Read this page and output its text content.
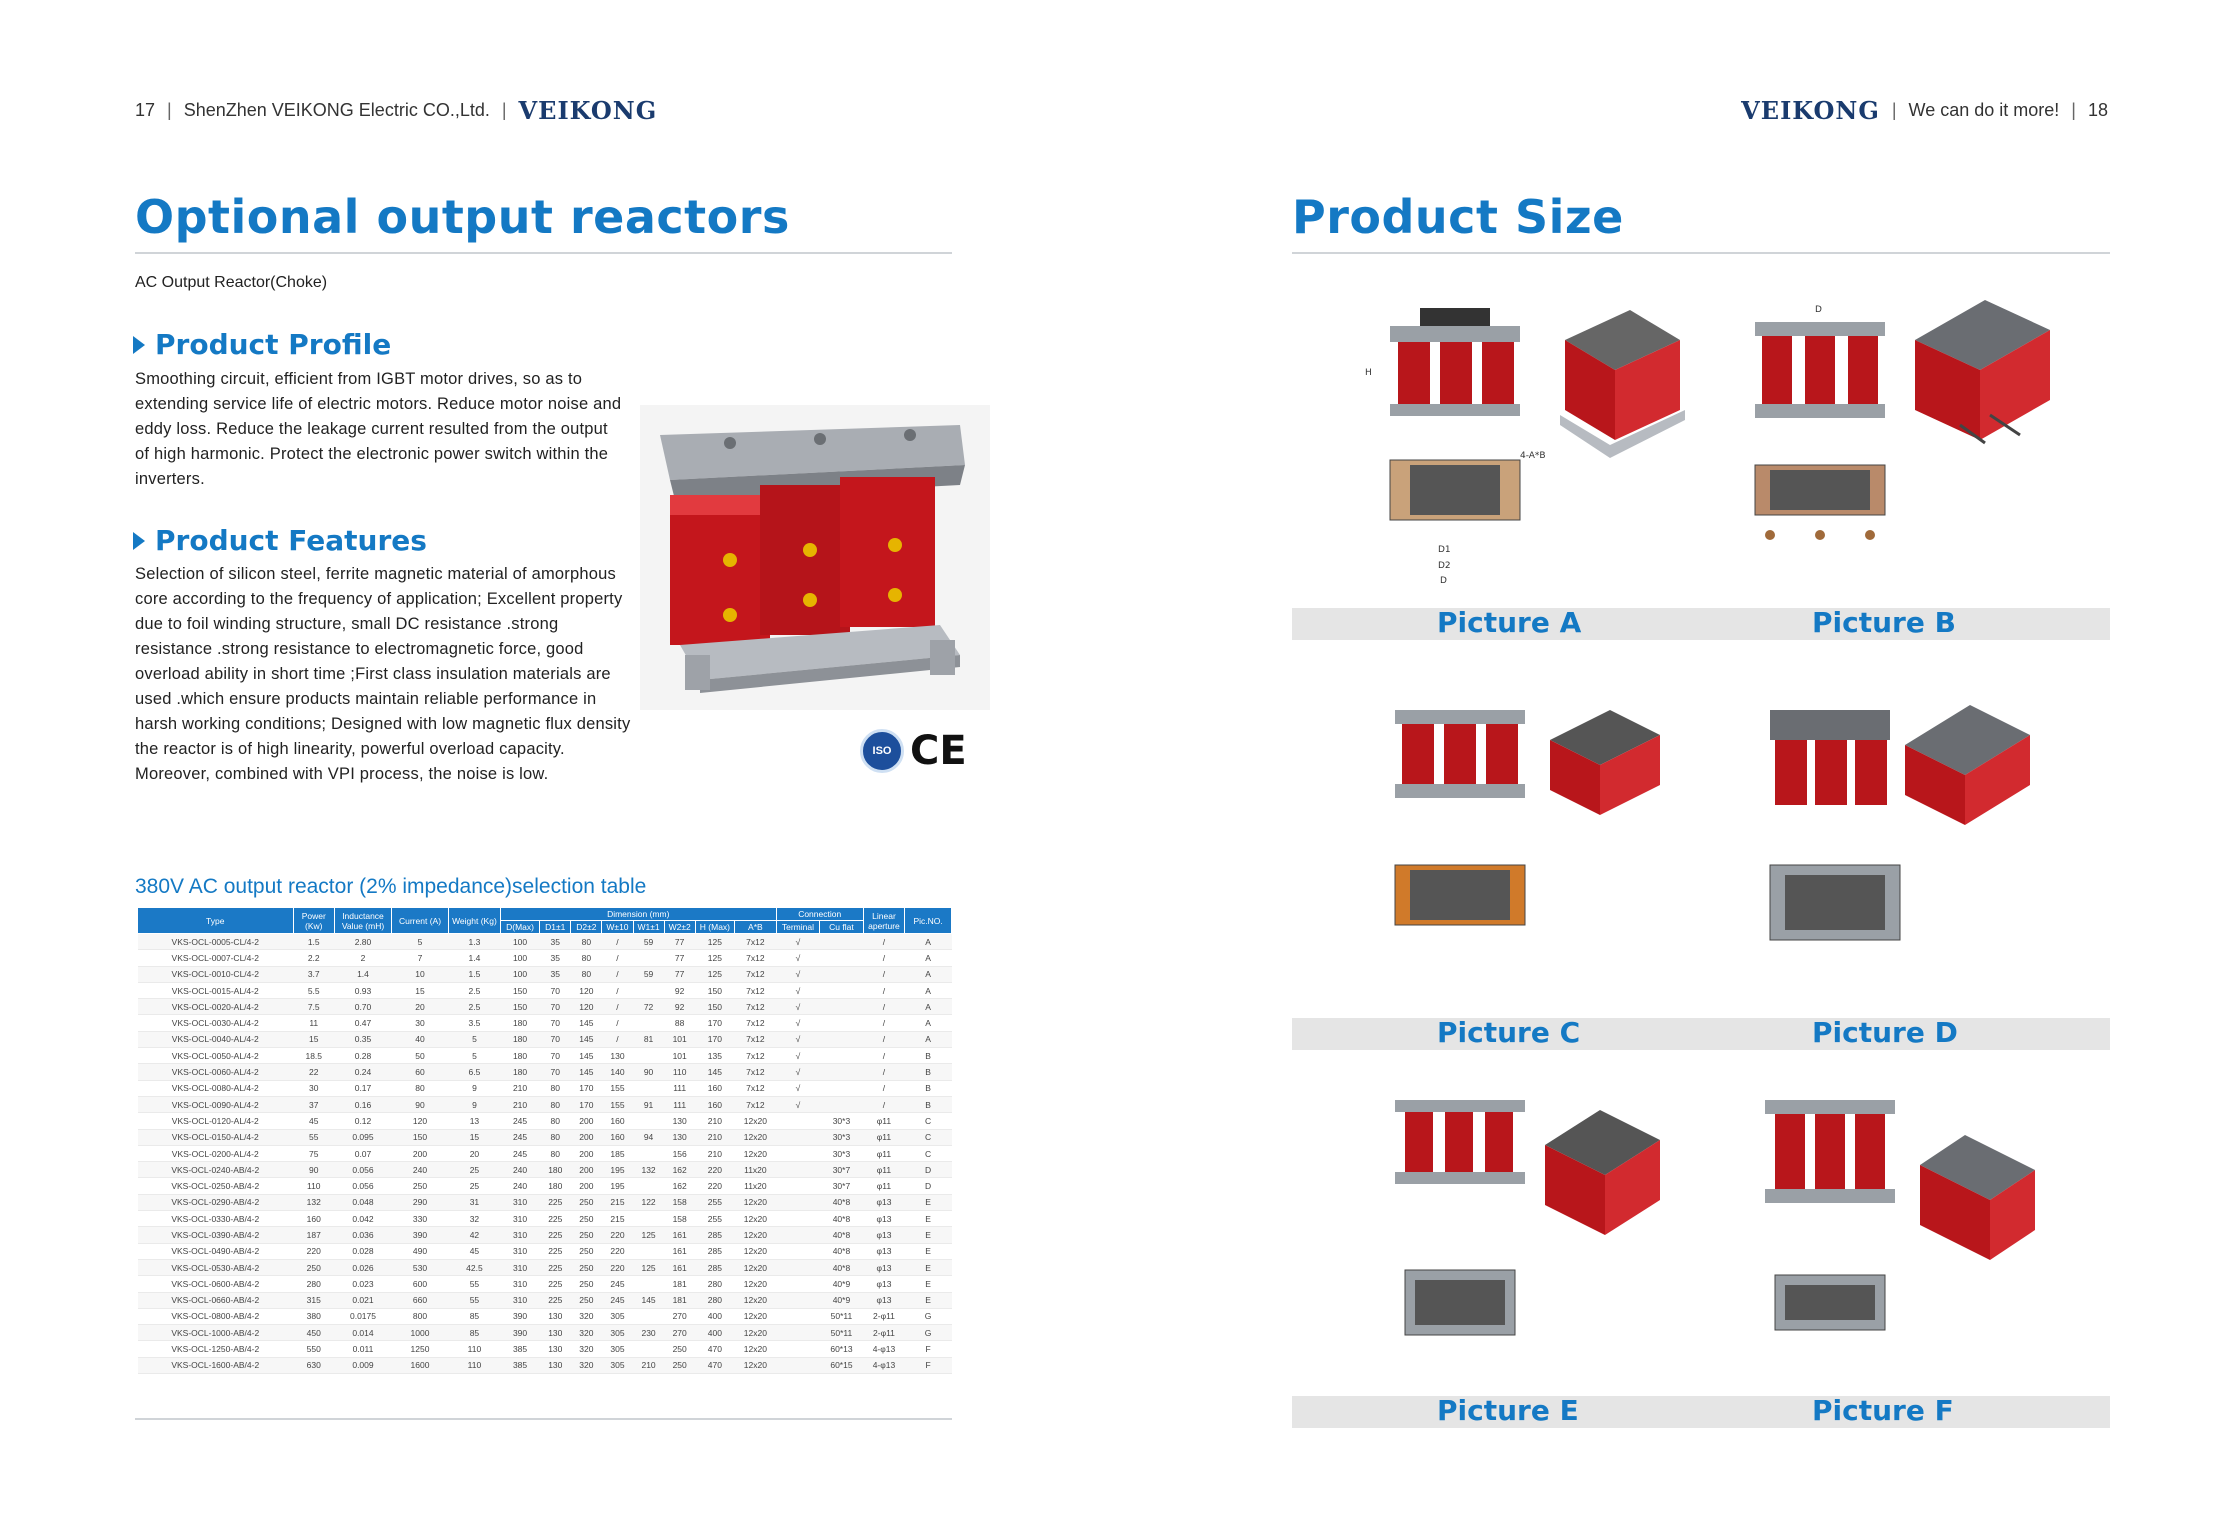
17 | ShenZhen VEIKONG Electric CO.,Ltd. | VEIKONG	VEIKONG | We can do it more! | 18
Optional output reactors
AC Output Reactor(Choke)
Product Profile
Smoothing circuit, efficient from IGBT motor drives, so as to extending service life of electric motors. Reduce motor noise and eddy loss. Reduce the leakage current resulted from the output of high harmonic. Protect the electronic power switch within the inverters.
Product Features
Selection of silicon steel, ferrite magnetic material of amorphous core according to the frequency of application; Excellent property due to foil winding structure, small DC resistance .strong resistance .strong resistance to electromagnetic force, good overload ability in short time ;First class insulation materials are used .which ensure products maintain reliable performance in harsh working conditions; Designed with low magnetic flux density the reactor is of high linearity, powerful overload capacity. Moreover, combined with VPI process, the noise is low.
ISO CE
380V AC output reactor (2% impedance)selection table
Type	Power (Kw)	Inductance Value (mH)	Current (A)	Weight (Kg)	Dimension (mm)								Connection		Linear aperture	Pic.NO.
					D(Max)	D1±1	D2±2	W±10	W1±1	W2±2	H (Max)	A*B	Terminal	Cu flat		
VKS-OCL-0005-CL/4-2	1.5	2.80	5	1.3	100	35	80	/	59	77	125	7x12	√		/	A
VKS-OCL-0007-CL/4-2	2.2	2	7	1.4	100	35	80	/		77	125	7x12	√		/	A
VKS-OCL-0010-CL/4-2	3.7	1.4	10	1.5	100	35	80	/	59	77	125	7x12	√		/	A
VKS-OCL-0015-AL/4-2	5.5	0.93	15	2.5	150	70	120	/		92	150	7x12	√		/	A
VKS-OCL-0020-AL/4-2	7.5	0.70	20	2.5	150	70	120	/	72	92	150	7x12	√		/	A
VKS-OCL-0030-AL/4-2	11	0.47	30	3.5	180	70	145	/		88	170	7x12	√		/	A
VKS-OCL-0040-AL/4-2	15	0.35	40	5	180	70	145	/	81	101	170	7x12	√		/	A
VKS-OCL-0050-AL/4-2	18.5	0.28	50	5	180	70	145	130		101	135	7x12	√		/	B
VKS-OCL-0060-AL/4-2	22	0.24	60	6.5	180	70	145	140	90	110	145	7x12	√		/	B
VKS-OCL-0080-AL/4-2	30	0.17	80	9	210	80	170	155		111	160	7x12	√		/	B
VKS-OCL-0090-AL/4-2	37	0.16	90	9	210	80	170	155	91	111	160	7x12	√		/	B
VKS-OCL-0120-AL/4-2	45	0.12	120	13	245	80	200	160		130	210	12x20		30*3	φ11	C
VKS-OCL-0150-AL/4-2	55	0.095	150	15	245	80	200	160	94	130	210	12x20		30*3	φ11	C
VKS-OCL-0200-AL/4-2	75	0.07	200	20	245	80	200	185		156	210	12x20		30*3	φ11	C
VKS-OCL-0240-AB/4-2	90	0.056	240	25	240	180	200	195	132	162	220	11x20		30*7	φ11	D
VKS-OCL-0250-AB/4-2	110	0.056	250	25	240	180	200	195		162	220	11x20		30*7	φ11	D
VKS-OCL-0290-AB/4-2	132	0.048	290	31	310	225	250	215	122	158	255	12x20		40*8	φ13	E
VKS-OCL-0330-AB/4-2	160	0.042	330	32	310	225	250	215		158	255	12x20		40*8	φ13	E
VKS-OCL-0390-AB/4-2	187	0.036	390	42	310	225	250	220	125	161	285	12x20		40*8	φ13	E
VKS-OCL-0490-AB/4-2	220	0.028	490	45	310	225	250	220		161	285	12x20		40*8	φ13	E
VKS-OCL-0530-AB/4-2	250	0.026	530	42.5	310	225	250	220	125	161	285	12x20		40*8	φ13	E
VKS-OCL-0600-AB/4-2	280	0.023	600	55	310	225	250	245		181	280	12x20		40*9	φ13	E
VKS-OCL-0660-AB/4-2	315	0.021	660	55	310	225	250	245	145	181	280	12x20		40*9	φ13	E
VKS-OCL-0800-AB/4-2	380	0.0175	800	85	390	130	320	305		270	400	12x20		50*11	2-φ11	G
VKS-OCL-1000-AB/4-2	450	0.014	1000	85	390	130	320	305	230	270	400	12x20		50*11	2-φ11	G
VKS-OCL-1250-AB/4-2	550	0.011	1250	110	385	130	320	305		250	470	12x20		60*13	4-φ13	F
VKS-OCL-1600-AB/4-2	630	0.009	1600	110	385	130	320	305	210	250	470	12x20		60*15	4-φ13	F
Product Size
H
D1
D2
D
4-A*B
D
Picture A	Picture B
Picture C	Picture D
Picture E	Picture F
